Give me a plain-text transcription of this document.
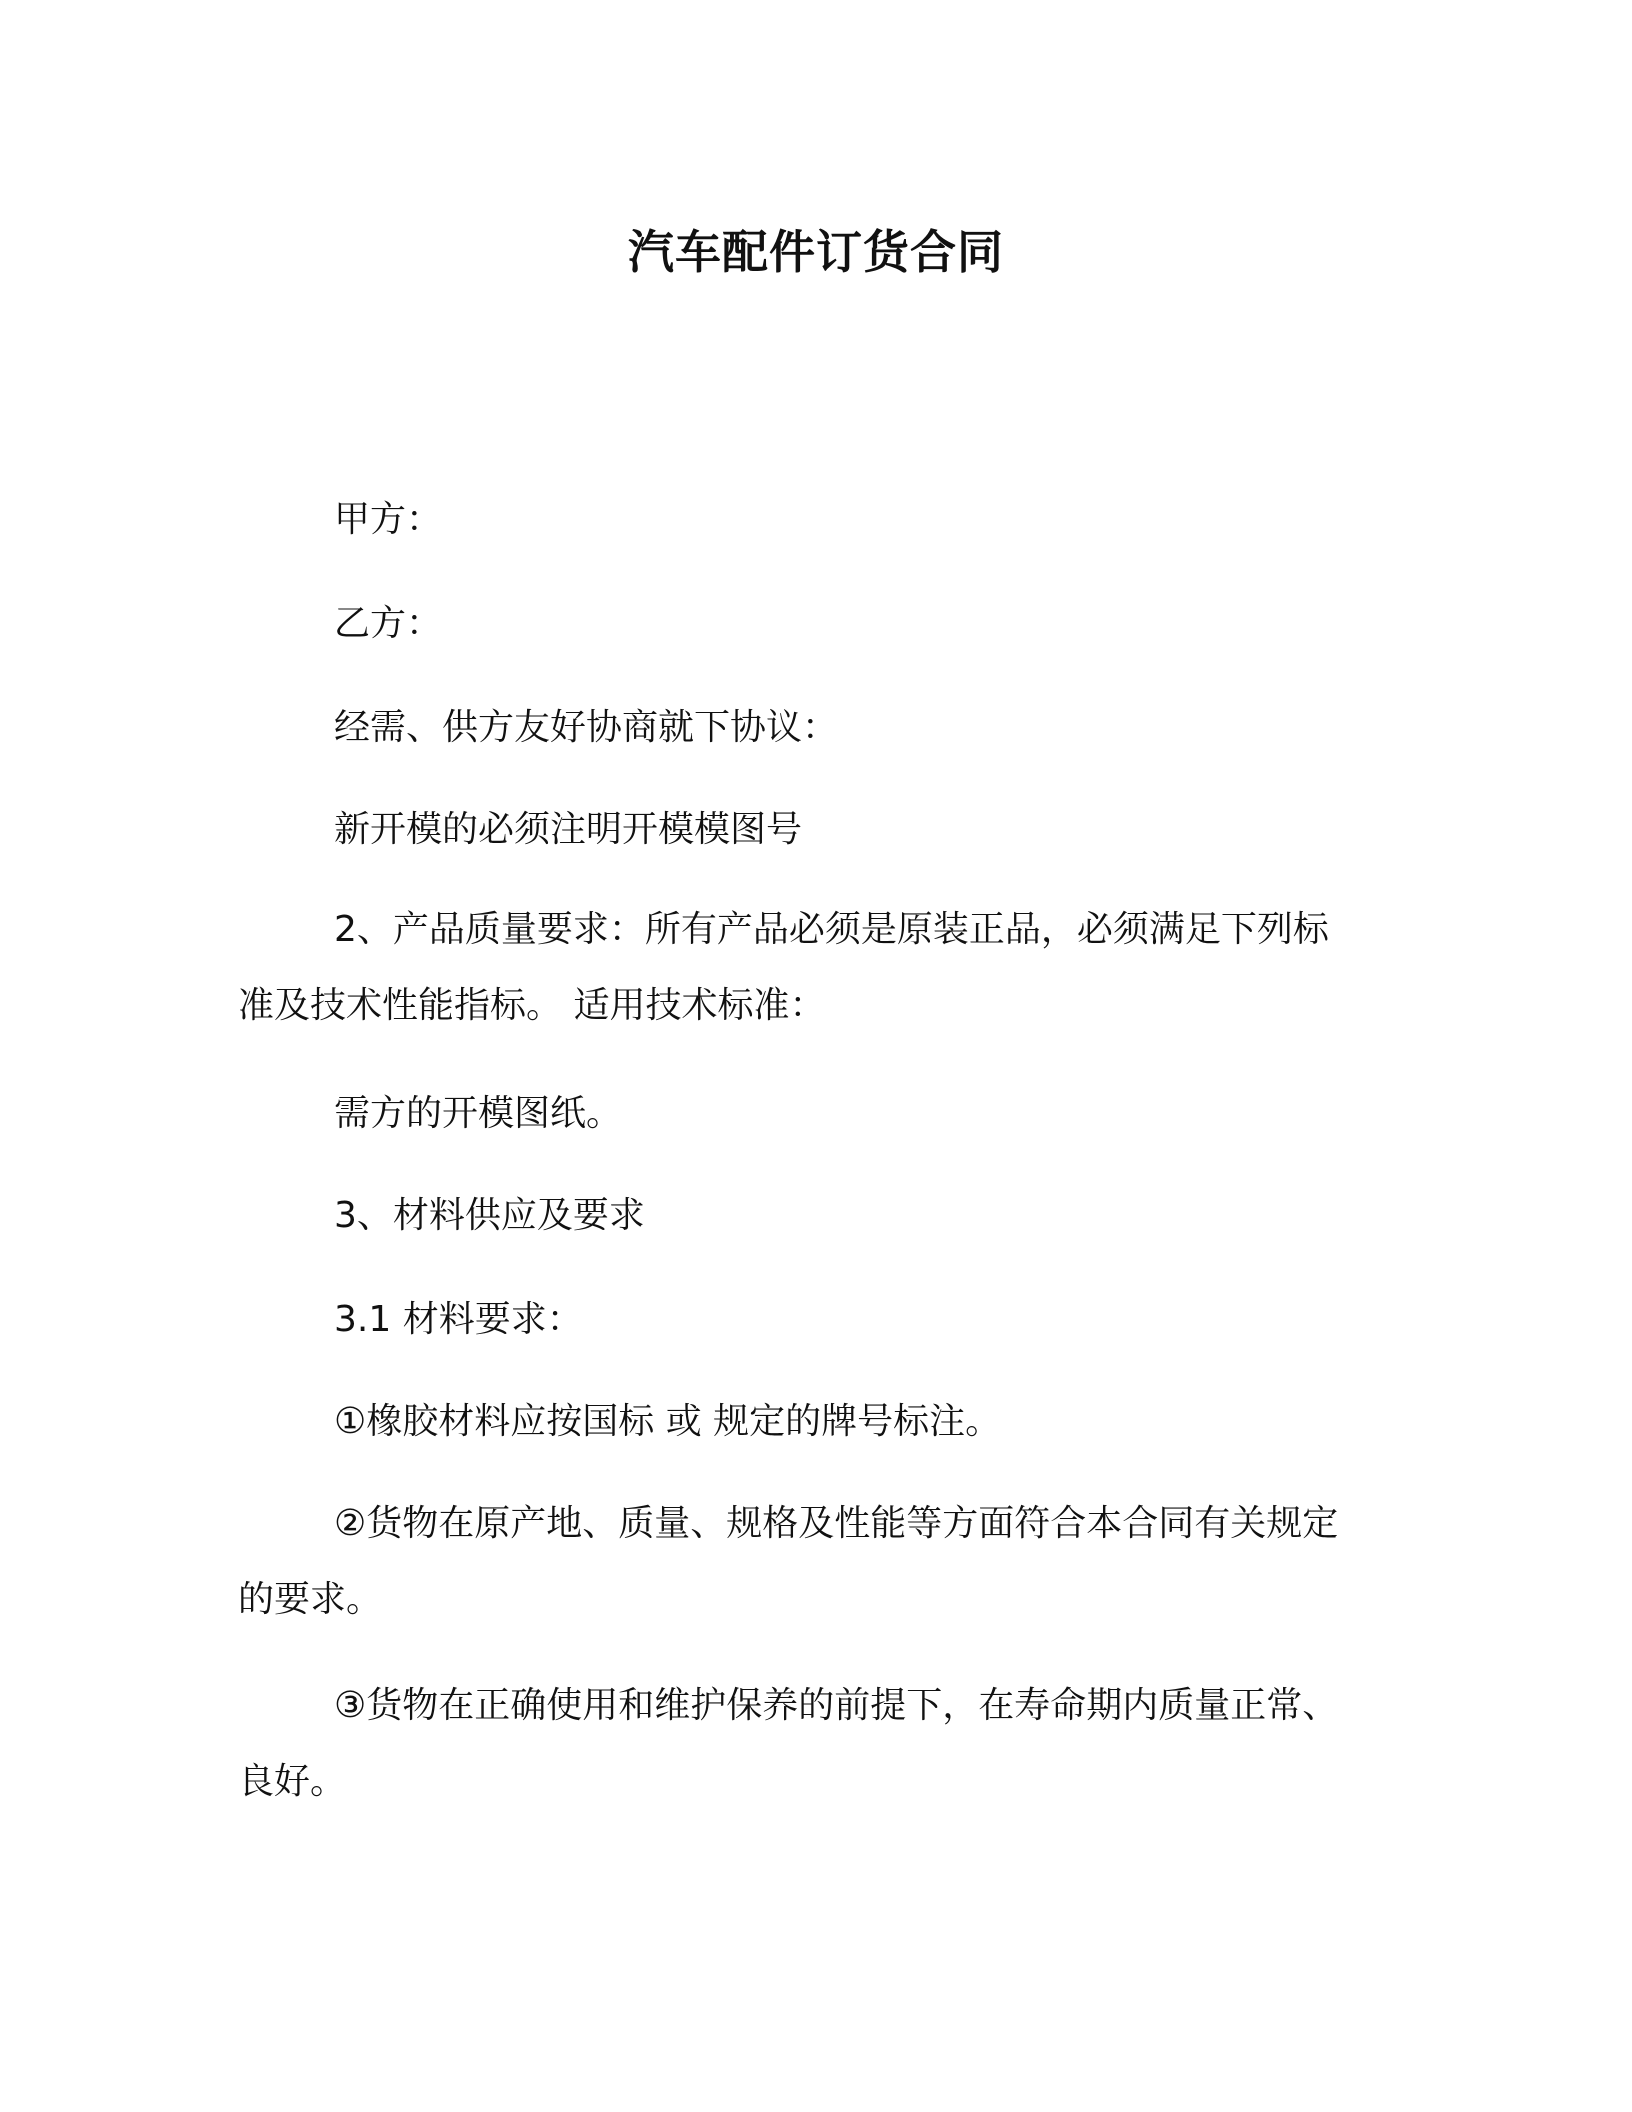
汽车配件订货合同
甲方：
乙方：
经需、供方友好协商就下协议：
新开模的必须注明开模模图号
2、产品质量要求：所有产品必须是原装正品，必须满足下列标
准及技术性能指标。 适用技术标准：
需方的开模图纸。
3、材料供应及要求
3.1 材料要求：
①橡胶材料应按国标 或 规定的牌号标注。
②货物在原产地、质量、规格及性能等方面符合本合同有关规定
的要求。
③货物在正确使用和维护保养的前提下，在寿命期内质量正常、
良好。
